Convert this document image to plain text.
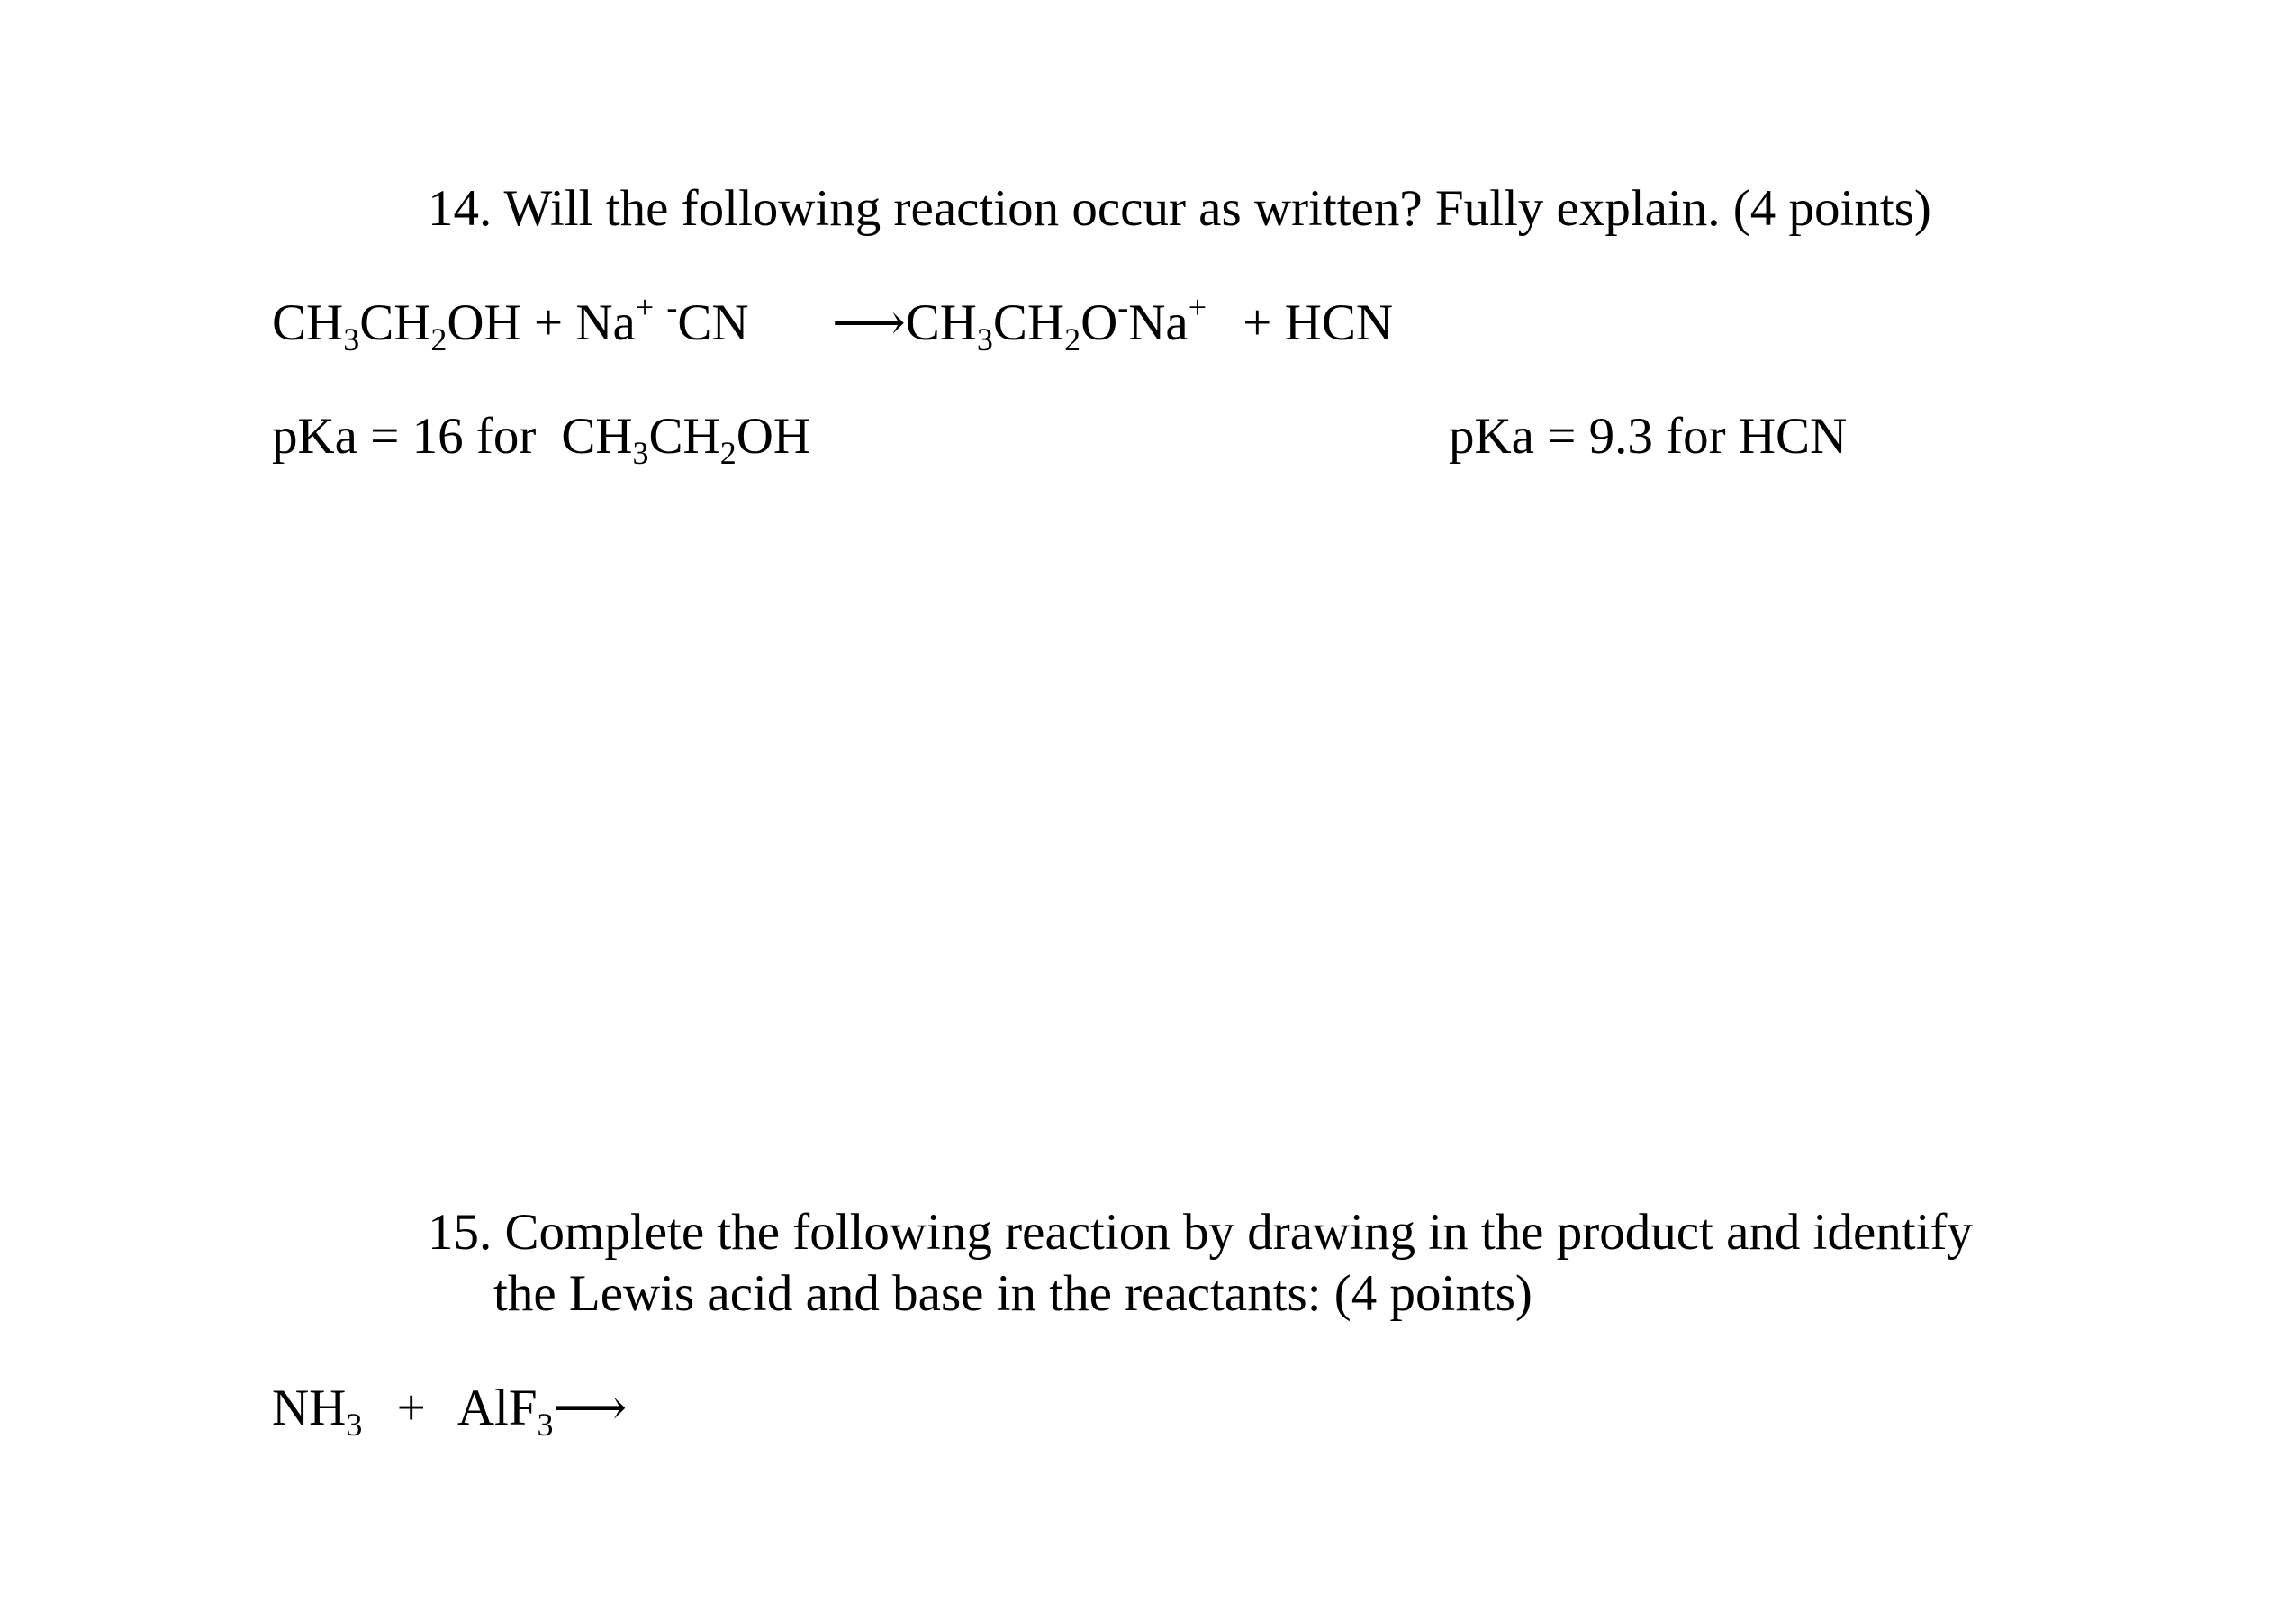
14. Will the following reaction occur as written? Fully explain. (4 points)
$CH_3CH_2OH + Na^+$ -CN $⟶CH_3CH_2O^-Na^+$ + HCN
pKa = 16 for $CH_3CH_2OH$	pKa = 9.3 for HCN
15. Complete the following reaction by drawing in the product and identify
the Lewis acid and base in the reactants: (4 points)
$NH_3$ + AlF$_3$⟶
